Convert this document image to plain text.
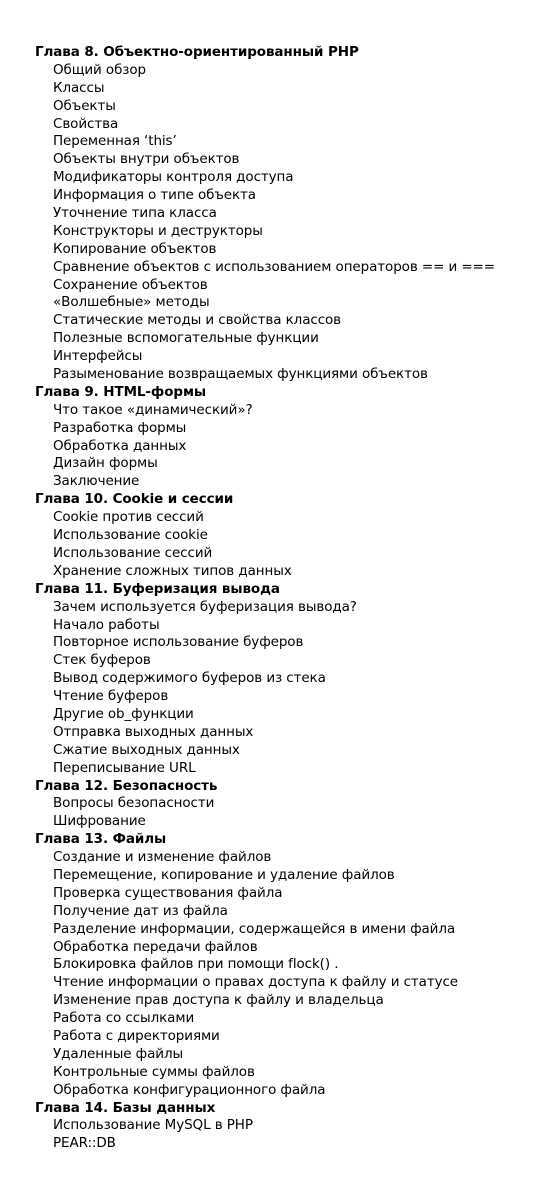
Глава 8. Объектно-ориентированный PHP
Общий обзор
Классы
Объекты
Свойства
Переменная ‘this’
Объекты внутри объектов
Модификаторы контроля доступа
Информация о типе объекта
Уточнение типа класса
Конструкторы и деструкторы
Копирование объектов
Сравнение объектов с использованием операторов == и ===
Сохранение объектов
«Волшебные» методы
Статические методы и свойства классов
Полезные вспомогательные функции
Интерфейсы
Разыменование возвращаемых функциями объектов
Глава 9. HTML-формы
Что такое «динамический»?
Разработка формы
Обработка данных
Дизайн формы
Заключение
Глава 10. Cookie и сессии
Cookie против сессий
Использование cookie
Использование сессий
Хранение сложных типов данных
Глава 11. Буферизация вывода
Зачем используется буферизация вывода?
Начало работы
Повторное использование буферов
Стек буферов
Вывод содержимого буферов из стека
Чтение буферов
Другие ob_функции
Отправка выходных данных
Сжатие выходных данных
Переписывание URL
Глава 12. Безопасность
Вопросы безопасности
Шифрование
Глава 13. Файлы
Создание и изменение файлов
Перемещение, копирование и удаление файлов
Проверка существования файла
Получение дат из файла
Разделение информации, содержащейся в имени файла
Обработка передачи файлов
Блокировка файлов при помощи flock() .
Чтение информации о правах доступа к файлу и статусе
Изменение прав доступа к файлу и владельца
Работа со ссылками
Работа с директориями
Удаленные файлы
Контрольные суммы файлов
Обработка конфигурационного файла
Глава 14. Базы данных
Использование MySQL в PHP
PEAR::DB
